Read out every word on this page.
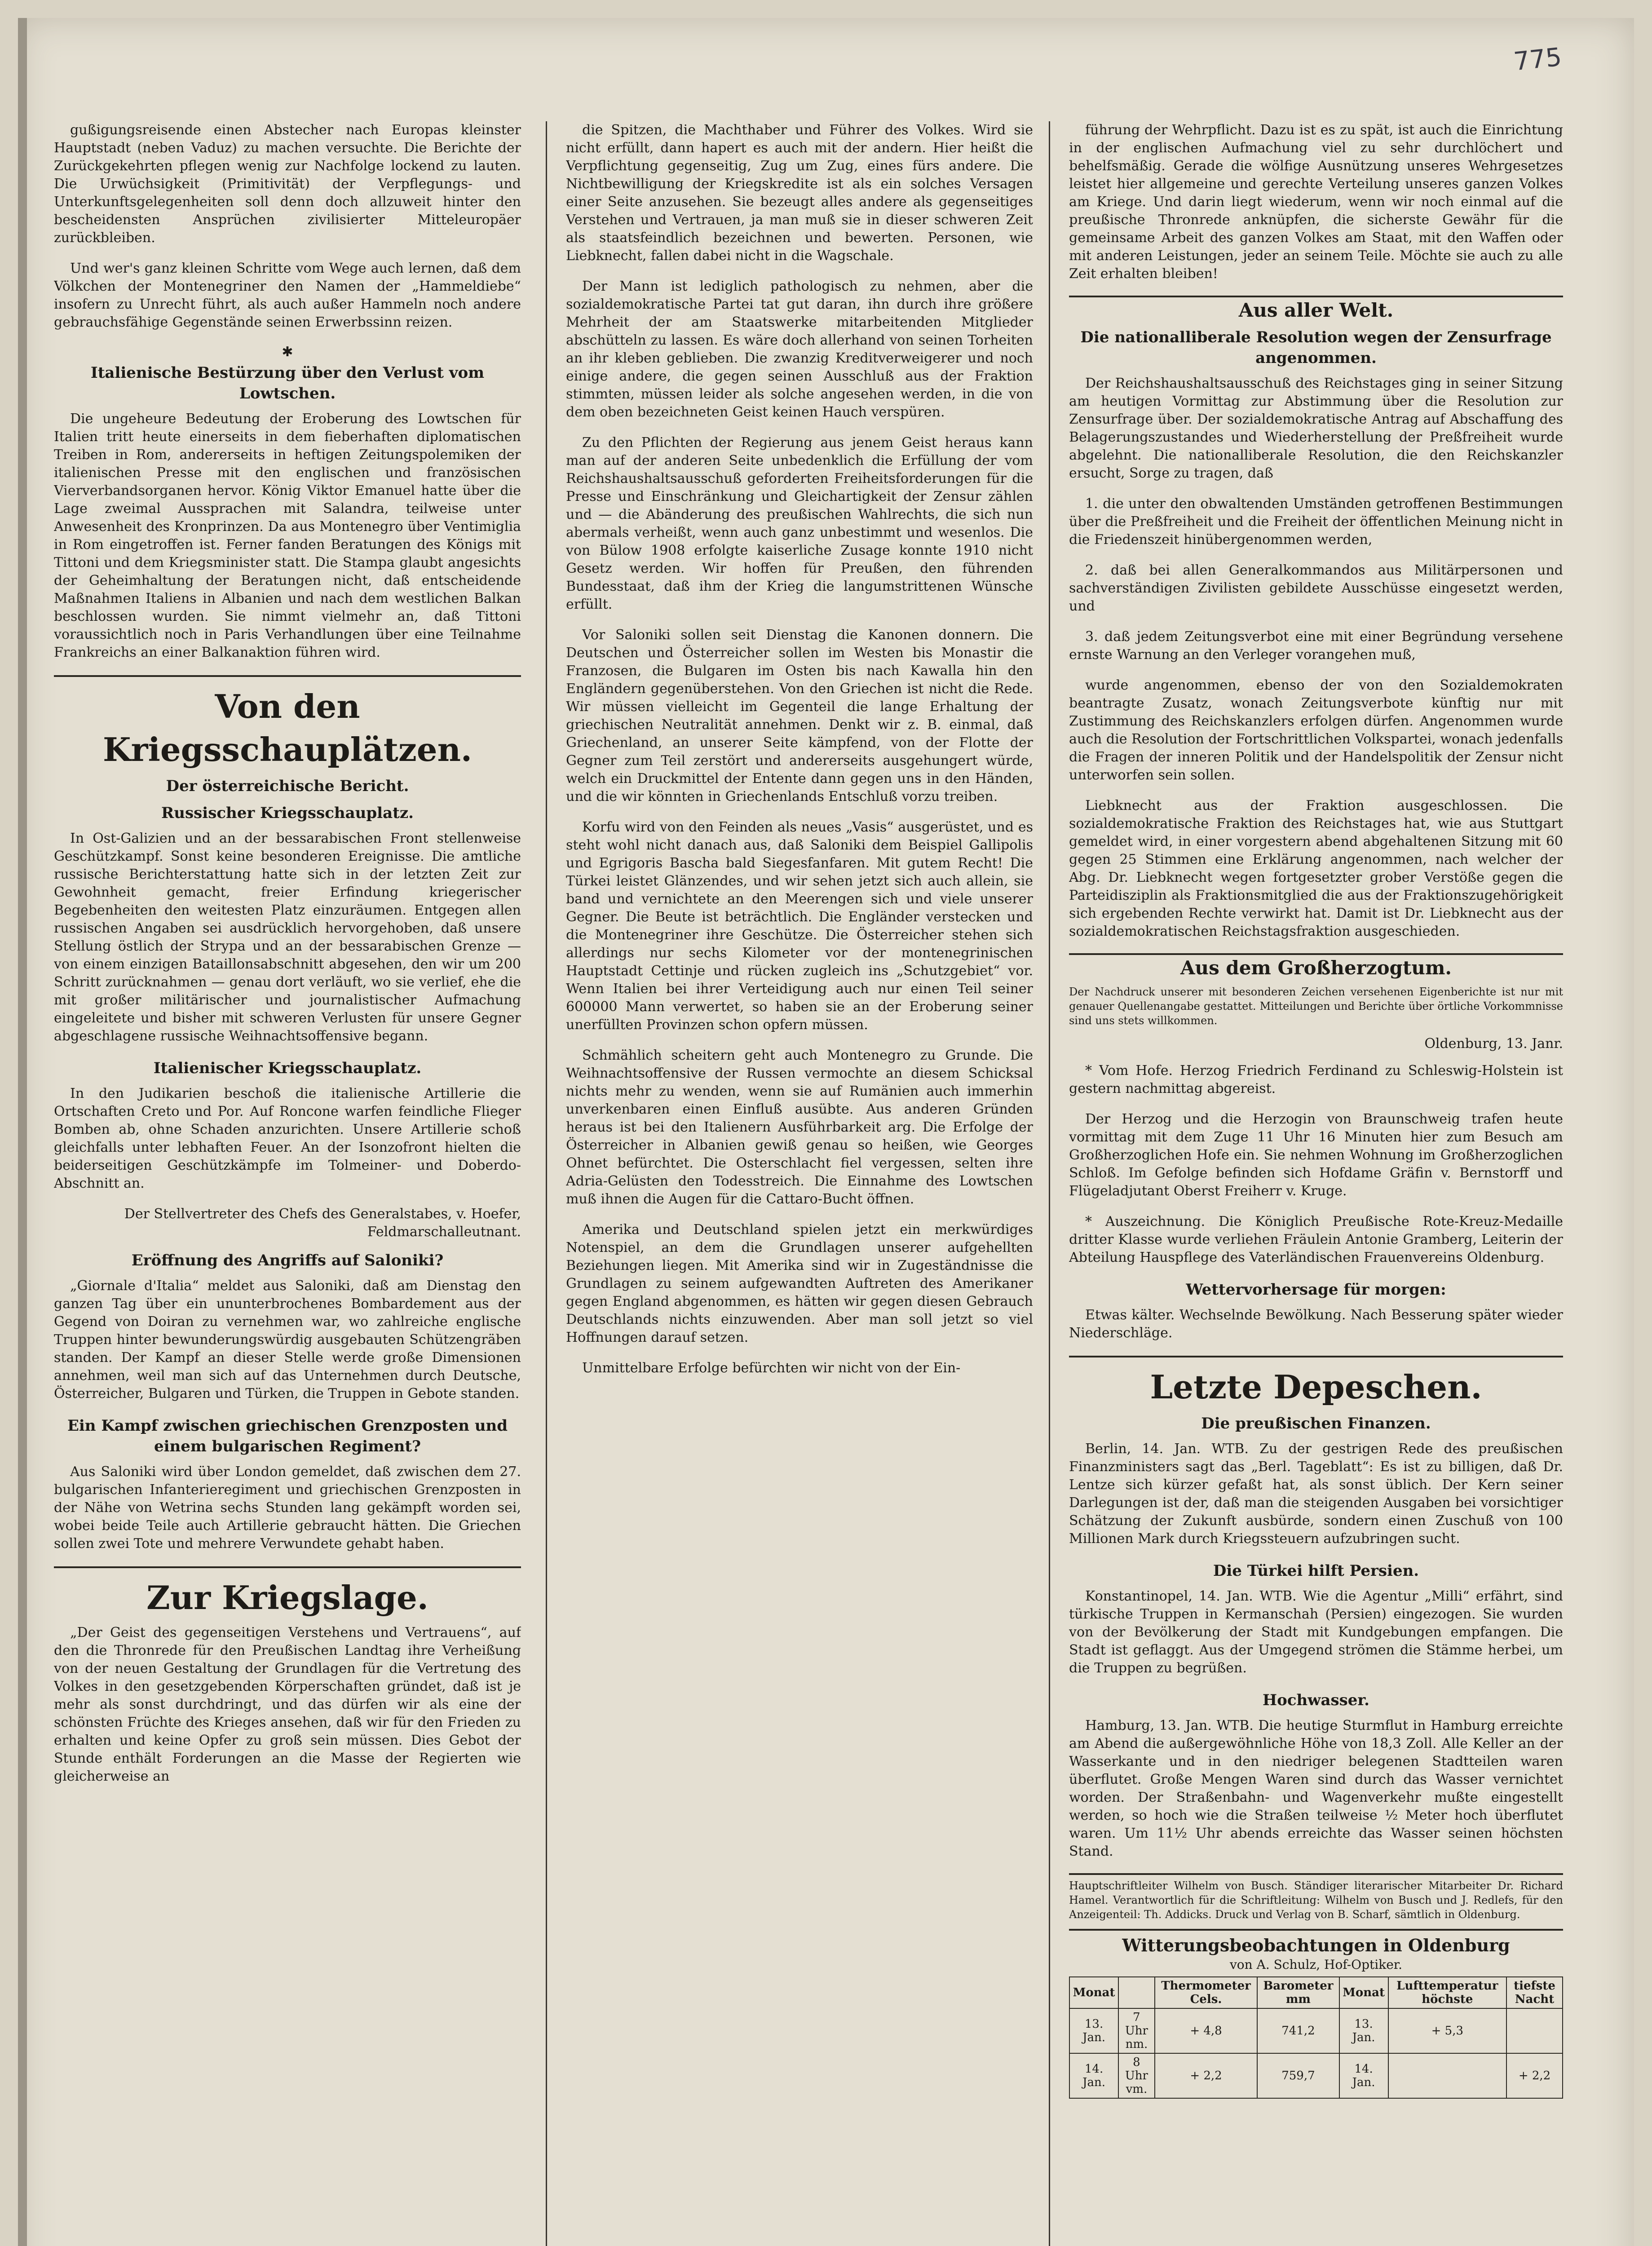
775

gußigungsreisende einen Abstecher nach Europas kleinster Hauptstadt (neben Vaduz) zu machen versuchte. Die Berichte der Zurückgekehrten pflegen wenig zur Nachfolge lockend zu lauten. Die Urwüchsigkeit (Primitivität) der Verpflegungs- und Unterkunftsgelegenheiten soll denn doch allzuweit hinter den bescheidensten Ansprüchen zivilisierter Mitteleuropäer zurückbleiben.

Und wer's ganz kleinen Schritte vom Wege auch lernen, daß dem Völkchen der Montenegriner den Namen der „Hammeldiebe“ insofern zu Unrecht führt, als auch außer Hammeln noch andere gebrauchsfähige Gegenstände seinen Erwerbssinn reizen.

✱
Italienische Bestürzung über den Verlust vom Lowtschen.

Die ungeheure Bedeutung der Eroberung des Lowtschen für Italien tritt heute einerseits in dem fieberhaften diplomatischen Treiben in Rom, andererseits in heftigen Zeitungspolemiken der italienischen Presse mit den englischen und französischen Vierverbandsorganen hervor. König Viktor Emanuel hatte über die Lage zweimal Aussprachen mit Salandra, teilweise unter Anwesenheit des Kronprinzen. Da aus Montenegro über Ventimiglia in Rom eingetroffen ist. Ferner fanden Beratungen des Königs mit Tittoni und dem Kriegsminister statt. Die Stampa glaubt angesichts der Geheimhaltung der Beratungen nicht, daß entscheidende Maßnahmen Italiens in Albanien und nach dem westlichen Balkan beschlossen wurden. Sie nimmt vielmehr an, daß Tittoni voraussichtlich noch in Paris Verhandlungen über eine Teilnahme Frankreichs an einer Balkanaktion führen wird.

Von den Kriegsschauplätzen.
Der österreichische Bericht.
Russischer Kriegsschauplatz.

In Ost-Galizien und an der bessarabischen Front stellenweise Geschützkampf. Sonst keine besonderen Ereignisse. Die amtliche russische Berichterstattung hatte sich in der letzten Zeit zur Gewohnheit gemacht, freier Erfindung kriegerischer Begebenheiten den weitesten Platz einzuräumen. Entgegen allen russischen Angaben sei ausdrücklich hervorgehoben, daß unsere Stellung östlich der Strypa und an der bessarabischen Grenze — von einem einzigen Bataillonsabschnitt abgesehen, den wir um 200 Schritt zurücknahmen — genau dort verläuft, wo sie verlief, ehe die mit großer militärischer und journalistischer Aufmachung eingeleitete und bisher mit schweren Verlusten für unsere Gegner abgeschlagene russische Weihnachtsoffensive begann.

Italienischer Kriegsschauplatz.

In den Judikarien beschoß die italienische Artillerie die Ortschaften Creto und Por. Auf Roncone warfen feindliche Flieger Bomben ab, ohne Schaden anzurichten. Unsere Artillerie schoß gleichfalls unter lebhaften Feuer. An der Isonzofront hielten die beiderseitigen Geschützkämpfe im Tolmeiner- und Doberdo-Abschnitt an.

Der Stellvertreter des Chefs des Generalstabes, v. Hoefer, Feldmarschalleutnant.
Eröffnung des Angriffs auf Saloniki?

„Giornale d'Italia“ meldet aus Saloniki, daß am Dienstag den ganzen Tag über ein ununterbrochenes Bombardement aus der Gegend von Doiran zu vernehmen war, wo zahlreiche englische Truppen hinter bewunderungswürdig ausgebauten Schützengräben standen. Der Kampf an dieser Stelle werde große Dimensionen annehmen, weil man sich auf das Unternehmen durch Deutsche, Österreicher, Bulgaren und Türken, die Truppen in Gebote standen.

Ein Kampf zwischen griechischen Grenzposten und einem bulgarischen Regiment?

Aus Saloniki wird über London gemeldet, daß zwischen dem 27. bulgarischen Infanterieregiment und griechischen Grenzposten in der Nähe von Wetrina sechs Stunden lang gekämpft worden sei, wobei beide Teile auch Artillerie gebraucht hätten. Die Griechen sollen zwei Tote und mehrere Verwundete gehabt haben.

Zur Kriegslage.

„Der Geist des gegenseitigen Verstehens und Vertrauens“, auf den die Thronrede für den Preußischen Landtag ihre Verheißung von der neuen Gestaltung der Grundlagen für die Vertretung des Volkes in den gesetzgebenden Körperschaften gründet, daß ist je mehr als sonst durchdringt, und das dürfen wir als eine der schönsten Früchte des Krieges ansehen, daß wir für den Frieden zu erhalten und keine Opfer zu groß sein müssen. Dies Gebot der Stunde enthält Forderungen an die Masse der Regierten wie gleicherweise an

die Spitzen, die Machthaber und Führer des Volkes. Wird sie nicht erfüllt, dann hapert es auch mit der andern. Hier heißt die Verpflichtung gegenseitig, Zug um Zug, eines fürs andere. Die Nichtbewilligung der Kriegskredite ist als ein solches Versagen einer Seite anzusehen. Sie bezeugt alles andere als gegenseitiges Verstehen und Vertrauen, ja man muß sie in dieser schweren Zeit als staatsfeindlich bezeichnen und bewerten. Personen, wie Liebknecht, fallen dabei nicht in die Wagschale.

Der Mann ist lediglich pathologisch zu nehmen, aber die sozialdemokratische Partei tat gut daran, ihn durch ihre größere Mehrheit der am Staatswerke mitarbeitenden Mitglieder abschütteln zu lassen. Es wäre doch allerhand von seinen Torheiten an ihr kleben geblieben. Die zwanzig Kreditverweigerer und noch einige andere, die gegen seinen Ausschluß aus der Fraktion stimmten, müssen leider als solche angesehen werden, in die von dem oben bezeichneten Geist keinen Hauch verspüren.

Zu den Pflichten der Regierung aus jenem Geist heraus kann man auf der anderen Seite unbedenklich die Erfüllung der vom Reichshaushaltsausschuß geforderten Freiheitsforderungen für die Presse und Einschränkung und Gleichartigkeit der Zensur zählen und — die Abänderung des preußischen Wahlrechts, die sich nun abermals verheißt, wenn auch ganz unbestimmt und wesenlos. Die von Bülow 1908 erfolgte kaiserliche Zusage konnte 1910 nicht Gesetz werden. Wir hoffen für Preußen, den führenden Bundesstaat, daß ihm der Krieg die langumstrittenen Wünsche erfüllt.

Vor Saloniki sollen seit Dienstag die Kanonen donnern. Die Deutschen und Österreicher sollen im Westen bis Monastir die Franzosen, die Bulgaren im Osten bis nach Kawalla hin den Engländern gegenüberstehen. Von den Griechen ist nicht die Rede. Wir müssen vielleicht im Gegenteil die lange Erhaltung der griechischen Neutralität annehmen. Denkt wir z. B. einmal, daß Griechenland, an unserer Seite kämpfend, von der Flotte der Gegner zum Teil zerstört und andererseits ausgehungert würde, welch ein Druckmittel der Entente dann gegen uns in den Händen, und die wir könnten in Griechenlands Entschluß vorzu treiben.

Korfu wird von den Feinden als neues „Vasis“ ausgerüstet, und es steht wohl nicht danach aus, daß Saloniki dem Beispiel Gallipolis und Egrigoris Bascha bald Siegesfanfaren. Mit gutem Recht! Die Türkei leistet Glänzendes, und wir sehen jetzt sich auch allein, sie band und vernichtete an den Meerengen sich und viele unserer Gegner. Die Beute ist beträchtlich. Die Engländer verstecken und die Montenegriner ihre Geschütze. Die Österreicher stehen sich allerdings nur sechs Kilometer vor der montenegrinischen Hauptstadt Cettinje und rücken zugleich ins „Schutzgebiet“ vor. Wenn Italien bei ihrer Verteidigung auch nur einen Teil seiner 600000 Mann verwertet, so haben sie an der Eroberung seiner unerfüllten Provinzen schon opfern müssen.

Schmählich scheitern geht auch Montenegro zu Grunde. Die Weihnachtsoffensive der Russen vermochte an diesem Schicksal nichts mehr zu wenden, wenn sie auf Rumänien auch immerhin unverkenbaren einen Einfluß ausübte. Aus anderen Gründen heraus ist bei den Italienern Ausführbarkeit arg. Die Erfolge der Österreicher in Albanien gewiß genau so heißen, wie Georges Ohnet befürchtet. Die Osterschlacht fiel vergessen, selten ihre Adria-Gelüsten den Todesstreich. Die Einnahme des Lowtschen muß ihnen die Augen für die Cattaro-Bucht öffnen.

Amerika und Deutschland spielen jetzt ein merkwürdiges Notenspiel, an dem die Grundlagen unserer aufgehellten Beziehungen liegen. Mit Amerika sind wir in Zugeständnisse die Grundlagen zu seinem aufgewandten Auftreten des Amerikaner gegen England abgenommen, es hätten wir gegen diesen Gebrauch Deutschlands nichts einzuwenden. Aber man soll jetzt so viel Hoffnungen darauf setzen.

Unmittelbare Erfolge befürchten wir nicht von der Ein-

führung der Wehrpflicht. Dazu ist es zu spät, ist auch die Einrichtung in der englischen Aufmachung viel zu sehr durchlöchert und behelfsmäßig. Gerade die wölfige Ausnützung unseres Wehrgesetzes leistet hier allgemeine und gerechte Verteilung unseres ganzen Volkes am Kriege. Und darin liegt wiederum, wenn wir noch einmal auf die preußische Thronrede anknüpfen, die sicherste Gewähr für die gemeinsame Arbeit des ganzen Volkes am Staat, mit den Waffen oder mit anderen Leistungen, jeder an seinem Teile. Möchte sie auch zu alle Zeit erhalten bleiben!

Aus aller Welt.
Die nationalliberale Resolution wegen der Zensurfrage angenommen.

Der Reichshaushaltsausschuß des Reichstages ging in seiner Sitzung am heutigen Vormittag zur Abstimmung über die Resolution zur Zensurfrage über. Der sozialdemokratische Antrag auf Abschaffung des Belagerungszustandes und Wiederherstellung der Preßfreiheit wurde abgelehnt. Die nationalliberale Resolution, die den Reichskanzler ersucht, Sorge zu tragen, daß

1. die unter den obwaltenden Umständen getroffenen Bestimmungen über die Preßfreiheit und die Freiheit der öffentlichen Meinung nicht in die Friedenszeit hinübergenommen werden,

2. daß bei allen Generalkommandos aus Militärpersonen und sachverständigen Zivilisten gebildete Ausschüsse eingesetzt werden, und

3. daß jedem Zeitungsverbot eine mit einer Begründung versehene ernste Warnung an den Verleger vorangehen muß,

wurde angenommen, ebenso der von den Sozialdemokraten beantragte Zusatz, wonach Zeitungsverbote künftig nur mit Zustimmung des Reichskanzlers erfolgen dürfen. Angenommen wurde auch die Resolution der Fortschrittlichen Volkspartei, wonach jedenfalls die Fragen der inneren Politik und der Handelspolitik der Zensur nicht unterworfen sein sollen.

Liebknecht aus der Fraktion ausgeschlossen. Die sozialdemokratische Fraktion des Reichstages hat, wie aus Stuttgart gemeldet wird, in einer vorgestern abend abgehaltenen Sitzung mit 60 gegen 25 Stimmen eine Erklärung angenommen, nach welcher der Abg. Dr. Liebknecht wegen fortgesetzter grober Verstöße gegen die Parteidisziplin als Fraktionsmitglied die aus der Fraktionszugehörigkeit sich ergebenden Rechte verwirkt hat. Damit ist Dr. Liebknecht aus der sozialdemokratischen Reichstagsfraktion ausgeschieden.

Aus dem Großherzogtum.
Der Nachdruck unserer mit besonderen Zeichen versehenen Eigenberichte ist nur mit genauer Quellenangabe gestattet. Mitteilungen und Berichte über örtliche Vorkommnisse sind uns stets willkommen.
Oldenburg, 13. Janr.

* Vom Hofe. Herzog Friedrich Ferdinand zu Schleswig-Holstein ist gestern nachmittag abgereist.

Der Herzog und die Herzogin von Braunschweig trafen heute vormittag mit dem Zuge 11 Uhr 16 Minuten hier zum Besuch am Großherzoglichen Hofe ein. Sie nehmen Wohnung im Großherzoglichen Schloß. Im Gefolge befinden sich Hofdame Gräfin v. Bernstorff und Flügeladjutant Oberst Freiherr v. Kruge.

* Auszeichnung. Die Königlich Preußische Rote-Kreuz-Medaille dritter Klasse wurde verliehen Fräulein Antonie Gramberg, Leiterin der Abteilung Hauspflege des Vaterländischen Frauenvereins Oldenburg.

Wettervorhersage für morgen:

Etwas kälter. Wechselnde Bewölkung. Nach Besserung später wieder Niederschläge.

Letzte Depeschen.
Die preußischen Finanzen.

Berlin, 14. Jan. WTB. Zu der gestrigen Rede des preußischen Finanzministers sagt das „Berl. Tageblatt“: Es ist zu billigen, daß Dr. Lentze sich kürzer gefaßt hat, als sonst üblich. Der Kern seiner Darlegungen ist der, daß man die steigenden Ausgaben bei vorsichtiger Schätzung der Zukunft ausbürde, sondern einen Zuschuß von 100 Millionen Mark durch Kriegssteuern aufzubringen sucht.

Die Türkei hilft Persien.

Konstantinopel, 14. Jan. WTB. Wie die Agentur „Milli“ erfährt, sind türkische Truppen in Kermanschah (Persien) eingezogen. Sie wurden von der Bevölkerung der Stadt mit Kundgebungen empfangen. Die Stadt ist geflaggt. Aus der Umgegend strömen die Stämme herbei, um die Truppen zu begrüßen.

Hochwasser.

Hamburg, 13. Jan. WTB. Die heutige Sturmflut in Hamburg erreichte am Abend die außergewöhnliche Höhe von 18,3 Zoll. Alle Keller an der Wasserkante und in den niedriger belegenen Stadtteilen waren überflutet. Große Mengen Waren sind durch das Wasser vernichtet worden. Der Straßenbahn- und Wagenverkehr mußte eingestellt werden, so hoch wie die Straßen teilweise ½ Meter hoch überflutet waren. Um 11½ Uhr abends erreichte das Wasser seinen höchsten Stand.

Hauptschriftleiter Wilhelm von Busch. Ständiger literarischer Mitarbeiter Dr. Richard Hamel. Verantwortlich für die Schriftleitung: Wilhelm von Busch und J. Redlefs, für den Anzeigenteil: Th. Addicks. Druck und Verlag von B. Scharf, sämtlich in Oldenburg.
Witterungsbeobachtungen in Oldenburg
von A. Schulz, Hof-Optiker.
Monat		Thermometer Cels.	Barometer mm	Monat	Lufttemperatur höchste	tiefste Nacht
13. Jan.	7 Uhr nm.	+ 4,8	741,2	13. Jan.	+ 5,3	
14. Jan.	8 Uhr vm.	+ 2,2	759,7	14. Jan.		+ 2,2
